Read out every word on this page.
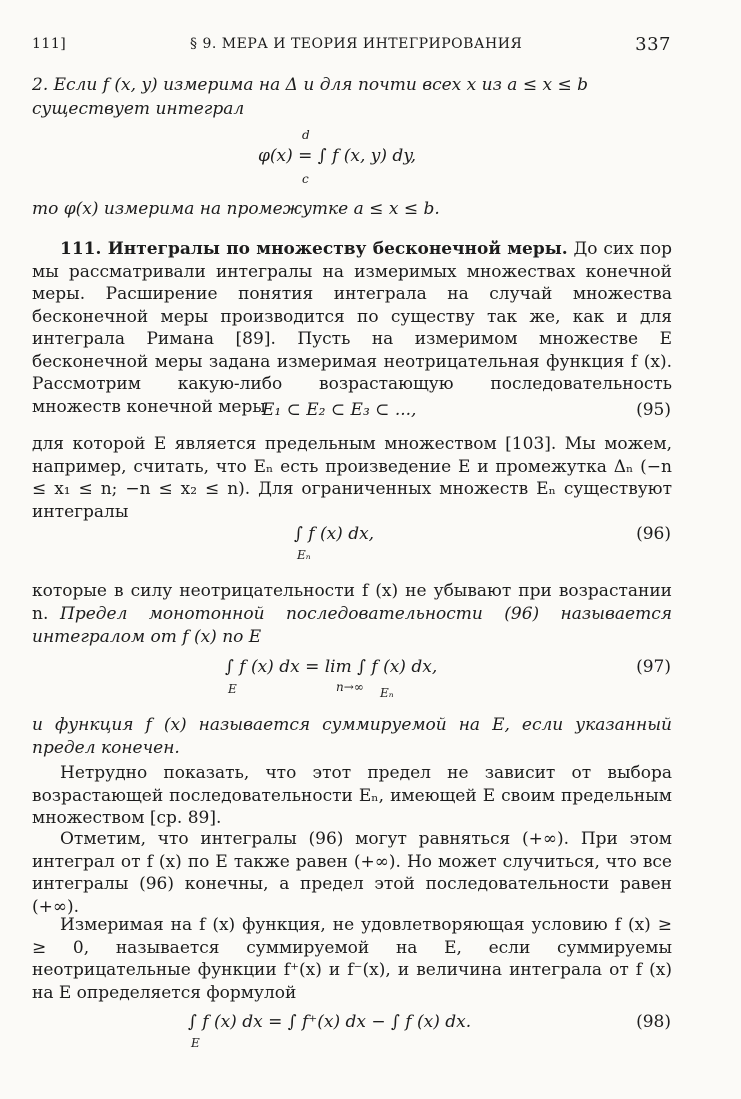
111]	§ 9. МЕРА И ТЕОРИЯ ИНТЕГРИРОВАНИЯ	337
2. Если f (x, y) измерима на Δ и для почти всех x из a ≤ x ≤ b
существует интеграл
d
φ(x) = ∫ f (x, y) dy,
c
то φ(x) измерима на промежутке a ≤ x ≤ b.
111. Интегралы по множеству бесконечной меры. До сих пор мы рассматривали интегралы на измеримых множествах конечной меры. Расширение понятия интеграла на случай множества бесконечной меры производится по существу так же, как и для интеграла Римана [89]. Пусть на измеримом множестве E бесконечной меры задана измеримая неотрицательная функция f (x). Рассмотрим какую-либо возрастающую последовательность множеств конечной меры
E₁ ⊂ E₂ ⊂ E₃ ⊂ ...,	(95)
для которой E является предельным множеством [103]. Мы можем, например, считать, что Eₙ есть произведение E и промежутка Δₙ (−n ≤ x₁ ≤ n; −n ≤ x₂ ≤ n). Для ограниченных множеств Eₙ существуют интегралы
∫ f (x) dx,
Eₙ
(96)
которые в силу неотрицательности f (x) не убывают при возрастании n. Предел монотонной последовательности (96) называется интегралом от f (x) по E
∫ f (x) dx = lim ∫ f (x) dx,
E	n→∞ Eₙ
(97)
и функция f (x) называется суммируемой на E, если указанный предел конечен.
Нетрудно показать, что этот предел не зависит от выбора возрастающей последовательности Eₙ, имеющей E своим предельным множеством [ср. 89].
Отметим, что интегралы (96) могут равняться (+∞). При этом интеграл от f (x) по E также равен (+∞). Но может случиться, что все интегралы (96) конечны, а предел этой последовательности равен (+∞).
Измеримая на f (x) функция, не удовлетворяющая условию f (x) ≥ ≥ 0, называется суммируемой на E, если суммируемы неотрицательные функции f⁺(x) и f⁻(x), и величина интеграла от f (x) на E определяется формулой
∫ f (x) dx = ∫ f⁺(x) dx − ∫ f (x) dx.
E
(98)
